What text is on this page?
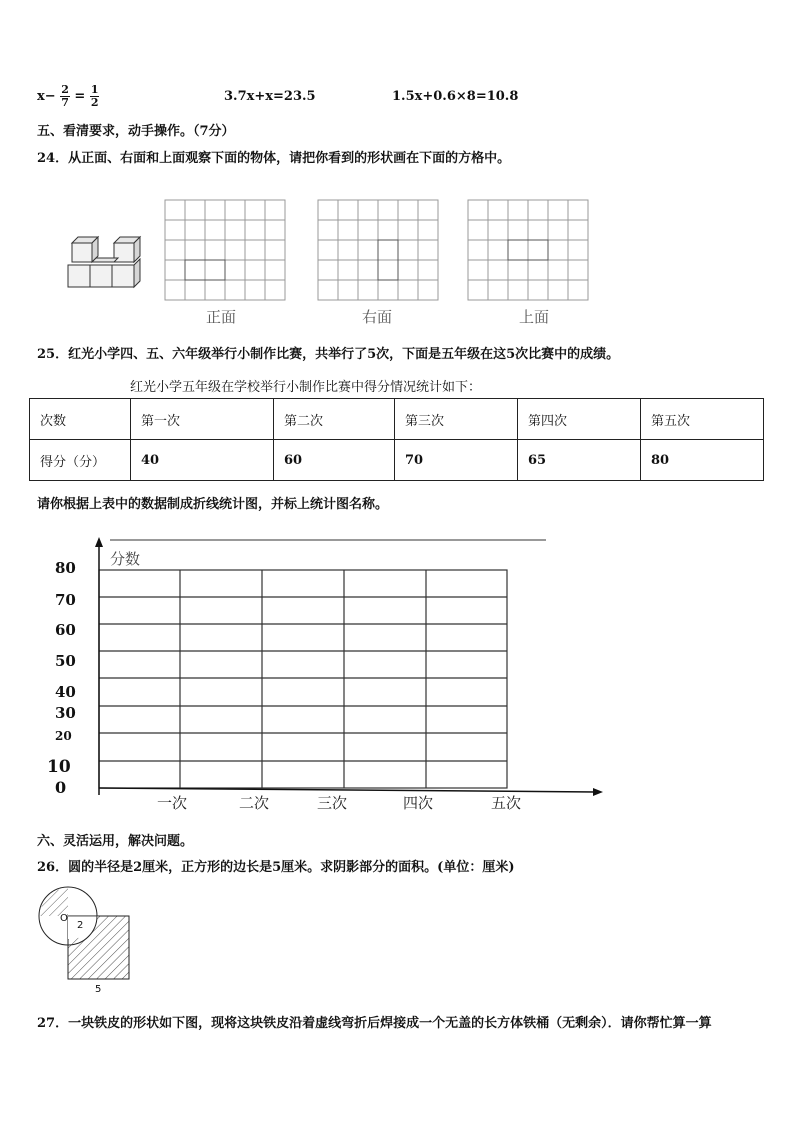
$x- \frac{2}{7} = \frac{1}{2}$	3.7x+x=23.5	1.5x+0.6×8=10.8
五、看清要求，动手操作。（7分）
24．从正面、右面和上面观察下面的物体，请把你看到的形状画在下面的方格中。
正面	右面	上面
25．红光小学四、五、六年级举行小制作比赛，共举行了5次，下面是五年级在这5次比赛中的成绩。
红光小学五年级在学校举行小制作比赛中得分情况统计如下：
次数	第一次	第二次	第三次	第四次	第五次
得分（分）	40	60	70	65	80
请你根据上表中的数据制成折线统计图，并标上统计图名称。
分数
80
70
60
50
40
30
20
10
0
一次	二次	三次	四次	五次
六、灵活运用，解决问题。
26．圆的半径是2厘米，正方形的边长是5厘米。求阴影部分的面积。(单位：厘米)
O
2
5
27．一块铁皮的形状如下图，现将这块铁皮沿着虚线弯折后焊接成一个无盖的长方体铁桶（无剩余）．请你帮忙算一算
